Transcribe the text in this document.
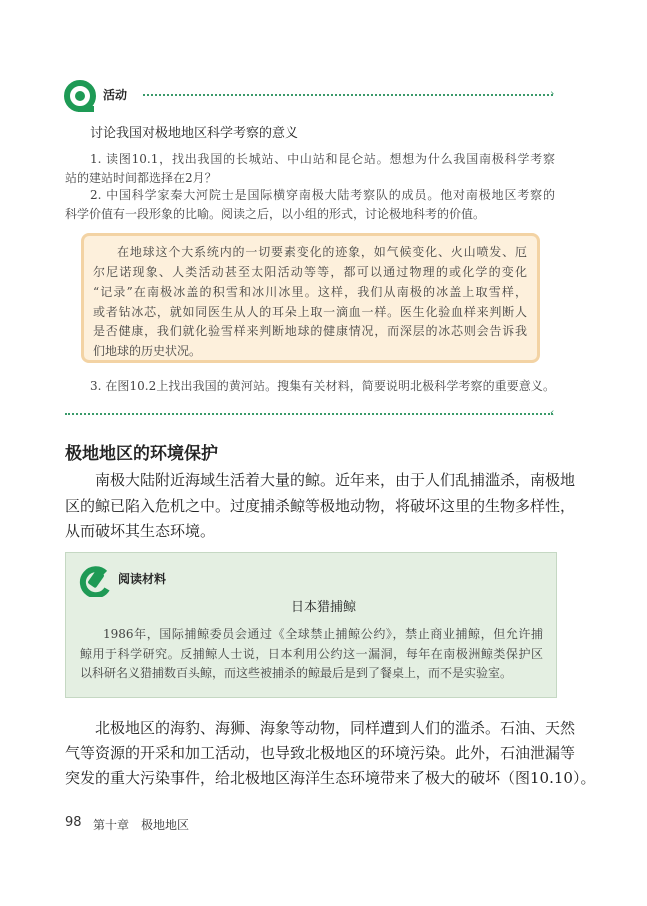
活动	›
讨论我国对极地地区科学考察的意义
1. 读图10.1，找出我国的长城站、中山站和昆仑站。想想为什么我国南极科学考察
站的建站时间都选择在2月？
2. 中国科学家秦大河院士是国际横穿南极大陆考察队的成员。他对南极地区考察的
科学价值有一段形象的比喻。阅读之后，以小组的形式，讨论极地科考的价值。
在地球这个大系统内的一切要素变化的迹象，如气候变化、火山喷发、厄
尔尼诺现象、人类活动甚至太阳活动等等，都可以通过物理的或化学的变化
“记录”在南极冰盖的积雪和冰川冰里。这样，我们从南极的冰盖上取雪样，
或者钻冰芯，就如同医生从人的耳朵上取一滴血一样。医生化验血样来判断人
是否健康，我们就化验雪样来判断地球的健康情况，而深层的冰芯则会告诉我
们地球的历史状况。
3. 在图10.2上找出我国的黄河站。搜集有关材料，简要说明北极科学考察的重要意义。
‹
极地地区的环境保护
南极大陆附近海域生活着大量的鲸。近年来，由于人们乱捕滥杀，南极地
区的鲸已陷入危机之中。过度捕杀鲸等极地动物，将破坏这里的生物多样性，
从而破坏其生态环境。
阅读材料
日本猎捕鲸
1986年，国际捕鲸委员会通过《全球禁止捕鲸公约》，禁止商业捕鲸，但允许捕
鲸用于科学研究。反捕鲸人士说，日本利用公约这一漏洞，每年在南极洲鲸类保护区
以科研名义猎捕数百头鲸，而这些被捕杀的鲸最后是到了餐桌上，而不是实验室。
北极地区的海豹、海狮、海象等动物，同样遭到人们的滥杀。石油、天然
气等资源的开采和加工活动，也导致北极地区的环境污染。此外，石油泄漏等
突发的重大污染事件，给北极地区海洋生态环境带来了极大的破坏（图10.10）。
98 第十章　极地地区
